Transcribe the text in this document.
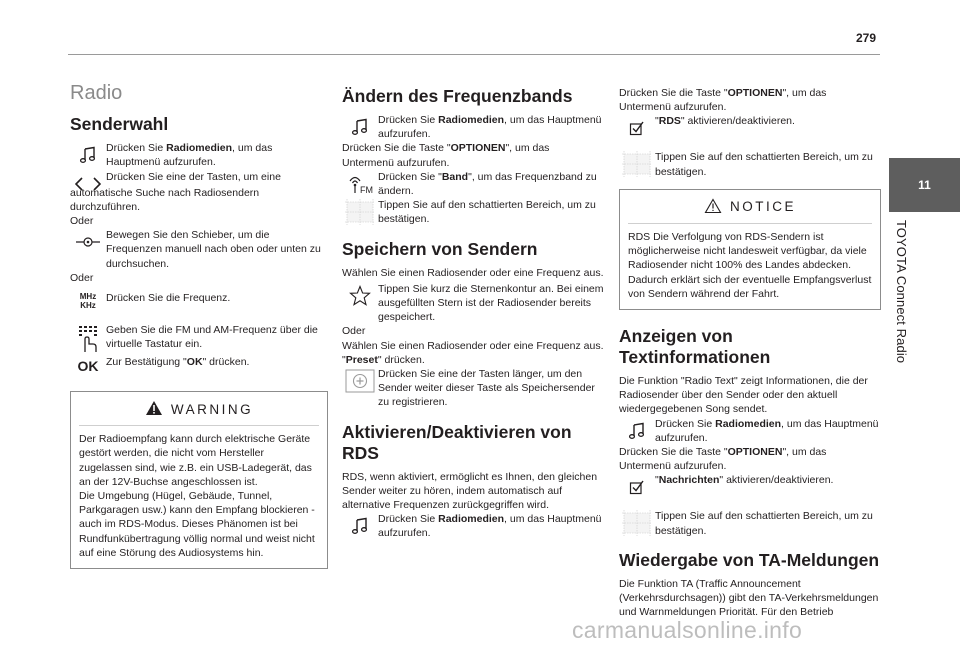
279
11
TOYOTA Connect Radio
Radio
Senderwahl

Drücken Sie Radiomedien, um das Hauptmenü aufzurufen.

Drücken Sie eine der Tasten, um eine

automatische Suche nach Radiosendern durchzuführen.

Oder

Bewegen Sie den Schieber, um die Frequenzen manuell nach oben oder unten zu durchsuchen.

Oder

MHz
KHz

Drücken Sie die Frequenz.

Geben Sie die FM und AM-Frequenz über die virtuelle Tastatur ein.

OK Zur Bestätigung "OK" drücken.

WARNING

Der Radioempfang kann durch elektrische Geräte gestört werden, die nicht vom Hersteller zugelassen sind, wie z.B. ein USB-Ladegerät, das an der 12V-Buchse angeschlossen ist.

Die Umgebung (Hügel, Gebäude, Tunnel, Parkgaragen usw.) kann den Empfang blockieren - auch im RDS-Modus. Dieses Phänomen ist bei Rundfunkübertragung völlig normal und weist nicht auf eine Störung des Audiosystems hin.

Ändern des Frequenzbands

Drücken Sie Radiomedien, um das Hauptmenü aufzurufen.

Drücken Sie die Taste "OPTIONEN", um das Untermenü aufzurufen.

FM

Drücken Sie "Band", um das Frequenzband zu ändern.

Tippen Sie auf den schattierten Bereich, um zu bestätigen.

Speichern von Sendern

Wählen Sie einen Radiosender oder eine Frequenz aus.

Tippen Sie kurz die Sternenkontur an. Bei einem ausgefüllten Stern ist der Radiosender bereits gespeichert.

Oder

Wählen Sie einen Radiosender oder eine Frequenz aus.

"Preset" drücken.

Drücken Sie eine der Tasten länger, um den Sender weiter dieser Taste als Speichersender zu registrieren.

Aktivieren/Deaktivieren von
RDS

RDS, wenn aktiviert, ermöglicht es Ihnen, den gleichen Sender weiter zu hören, indem automatisch auf alternative Frequenzen zurückgegriffen wird.

Drücken Sie Radiomedien, um das Hauptmenü aufzurufen.

Drücken Sie die Taste "OPTIONEN", um das Untermenü aufzurufen.

"RDS" aktivieren/deaktivieren.

Tippen Sie auf den schattierten Bereich, um zu bestätigen.

NOTICE

RDS Die Verfolgung von RDS-Sendern ist möglicherweise nicht landesweit verfügbar, da viele Radiosender nicht 100% des Landes abdecken. Dadurch erklärt sich der eventuelle Empfangsverlust von Sendern während der Fahrt.

Anzeigen von Textinformationen

Die Funktion "Radio Text" zeigt Informationen, die der Radiosender über den Sender oder den aktuell wiedergegebenen Song sendet.

Drücken Sie Radiomedien, um das Hauptmenü aufzurufen.

Drücken Sie die Taste "OPTIONEN", um das Untermenü aufzurufen.

"Nachrichten" aktivieren/deaktivieren.

Tippen Sie auf den schattierten Bereich, um zu bestätigen.

Wiedergabe von TA-Meldungen

Die Funktion TA (Traffic Announcement (Verkehrsdurchsagen)) gibt den TA-Verkehrsmeldungen und Warnmeldungen Priorität. Für den Betrieb

carmanualsonline.info
